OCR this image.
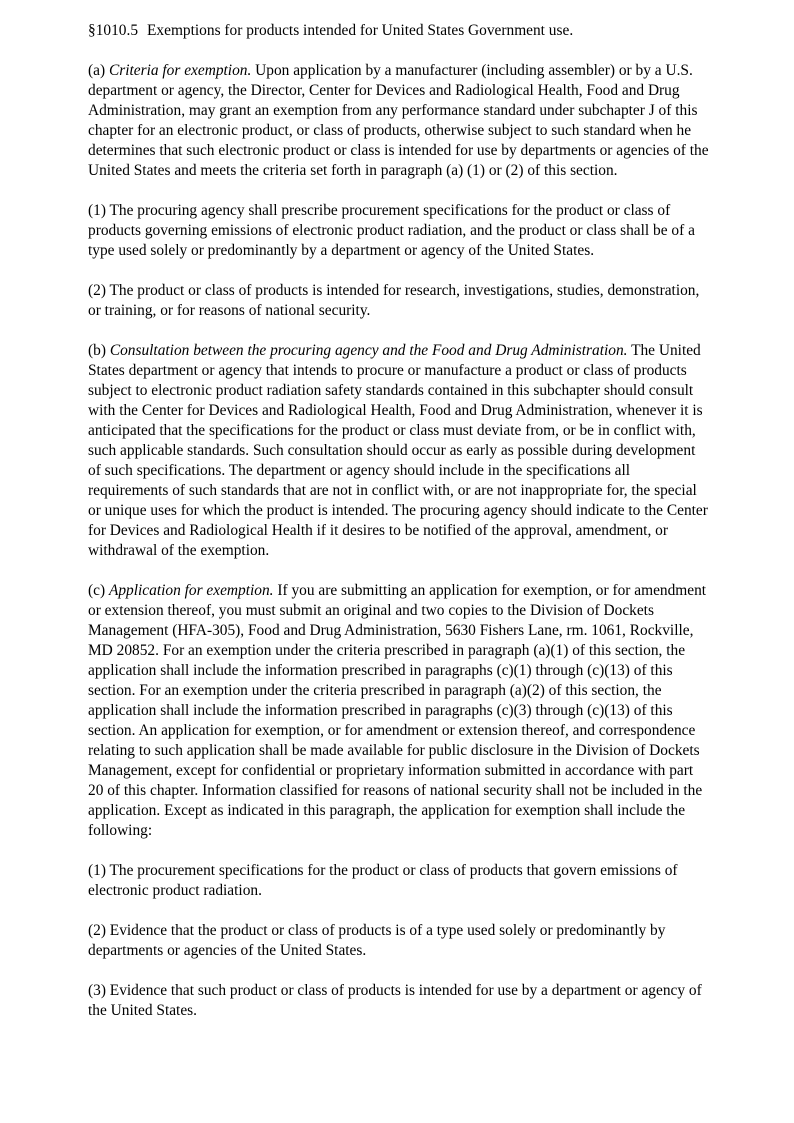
§1010.5 Exemptions for products intended for United States Government use.

(a) Criteria for exemption. Upon application by a manufacturer (including assembler) or by a U.S. department or agency, the Director, Center for Devices and Radiological Health, Food and Drug Administration, may grant an exemption from any performance standard under subchapter J of this chapter for an electronic product, or class of products, otherwise subject to such standard when he determines that such electronic product or class is intended for use by departments or agencies of the United States and meets the criteria set forth in paragraph (a) (1) or (2) of this section.

(1) The procuring agency shall prescribe procurement specifications for the product or class of products governing emissions of electronic product radiation, and the product or class shall be of a type used solely or predominantly by a department or agency of the United States.

(2) The product or class of products is intended for research, investigations, studies, demonstration, or training, or for reasons of national security.

(b) Consultation between the procuring agency and the Food and Drug Administration. The United States department or agency that intends to procure or manufacture a product or class of products subject to electronic product radiation safety standards contained in this subchapter should consult with the Center for Devices and Radiological Health, Food and Drug Administration, whenever it is anticipated that the specifications for the product or class must deviate from, or be in conflict with, such applicable standards. Such consultation should occur as early as possible during development of such specifications. The department or agency should include in the specifications all requirements of such standards that are not in conflict with, or are not inappropriate for, the special or unique uses for which the product is intended. The procuring agency should indicate to the Center for Devices and Radiological Health if it desires to be notified of the approval, amendment, or withdrawal of the exemption.

(c) Application for exemption. If you are submitting an application for exemption, or for amendment or extension thereof, you must submit an original and two copies to the Division of Dockets Management (HFA-305), Food and Drug Administration, 5630 Fishers Lane, rm. 1061, Rockville, MD 20852. For an exemption under the criteria prescribed in paragraph (a)(1) of this section, the application shall include the information prescribed in paragraphs (c)(1) through (c)(13) of this section. For an exemption under the criteria prescribed in paragraph (a)(2) of this section, the application shall include the information prescribed in paragraphs (c)(3) through (c)(13) of this section. An application for exemption, or for amendment or extension thereof, and correspondence relating to such application shall be made available for public disclosure in the Division of Dockets Management, except for confidential or proprietary information submitted in accordance with part 20 of this chapter. Information classified for reasons of national security shall not be included in the application. Except as indicated in this paragraph, the application for exemption shall include the following:

(1) The procurement specifications for the product or class of products that govern emissions of electronic product radiation.

(2) Evidence that the product or class of products is of a type used solely or predominantly by departments or agencies of the United States.

(3) Evidence that such product or class of products is intended for use by a department or agency of the United States.
